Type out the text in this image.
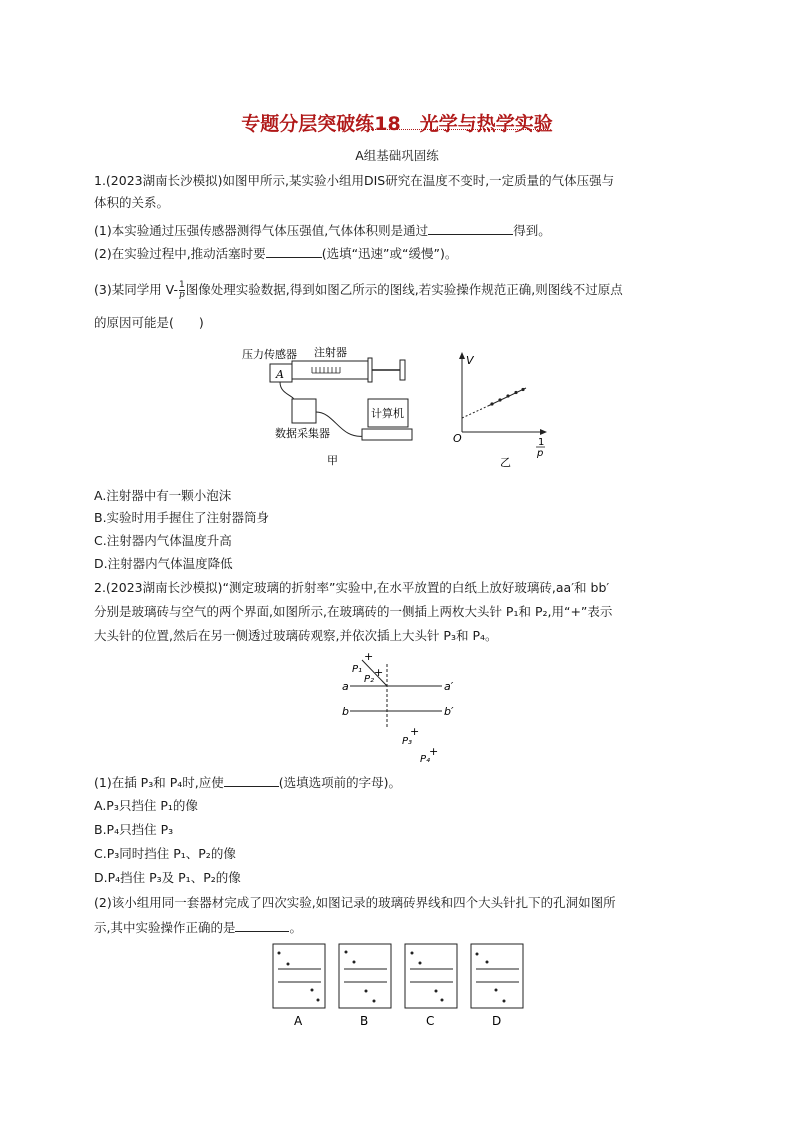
专题分层突破练18　光学与热学实验
A组基础巩固练
1.(2023湖南长沙模拟)如图甲所示,某实验小组用DIS研究在温度不变时,一定质量的气体压强与
体积的关系。
(1)本实验通过压强传感器测得气体压强值,气体体积则是通过	得到。
(2)在实验过程中,推动活塞时要	(选填“迅速”或“缓慢”)。
(3)某同学用 $V- \frac{1}{p}$ 图像处理实验数据,得到如图乙所示的图线,若实验操作规范正确,则图线不过原点
的原因可能是(　　)
压力传感器 注射器
A
数据采集器
计算机
甲
V
O	1
p
乙
A.注射器中有一颗小泡沫
B.实验时用手握住了注射器筒身
C.注射器内气体温度升高
D.注射器内气体温度降低
2.(2023湖南长沙模拟)“测定玻璃的折射率”实验中,在水平放置的白纸上放好玻璃砖,aa′和 bb′
分别是玻璃砖与空气的两个界面,如图所示,在玻璃砖的一侧插上两枚大头针 P₁和 P₂,用“+”表示
大头针的位置,然后在另一侧透过玻璃砖观察,并依次插上大头针 P₃和 P₄。
a	a′
b	b′
P₁
+
P₂
+
P₃
+
P₄
+
(1)在插 P₃和 P₄时,应使	(选填选项前的字母)。
A.P₃只挡住 P₁的像
B.P₄只挡住 P₃
C.P₃同时挡住 P₁、P₂的像
D.P₄挡住 P₃及 P₁、P₂的像
(2)该小组用同一套器材完成了四次实验,如图记录的玻璃砖界线和四个大头针扎下的孔洞如图所
示,其中实验操作正确的是	。
A	B	C	D
